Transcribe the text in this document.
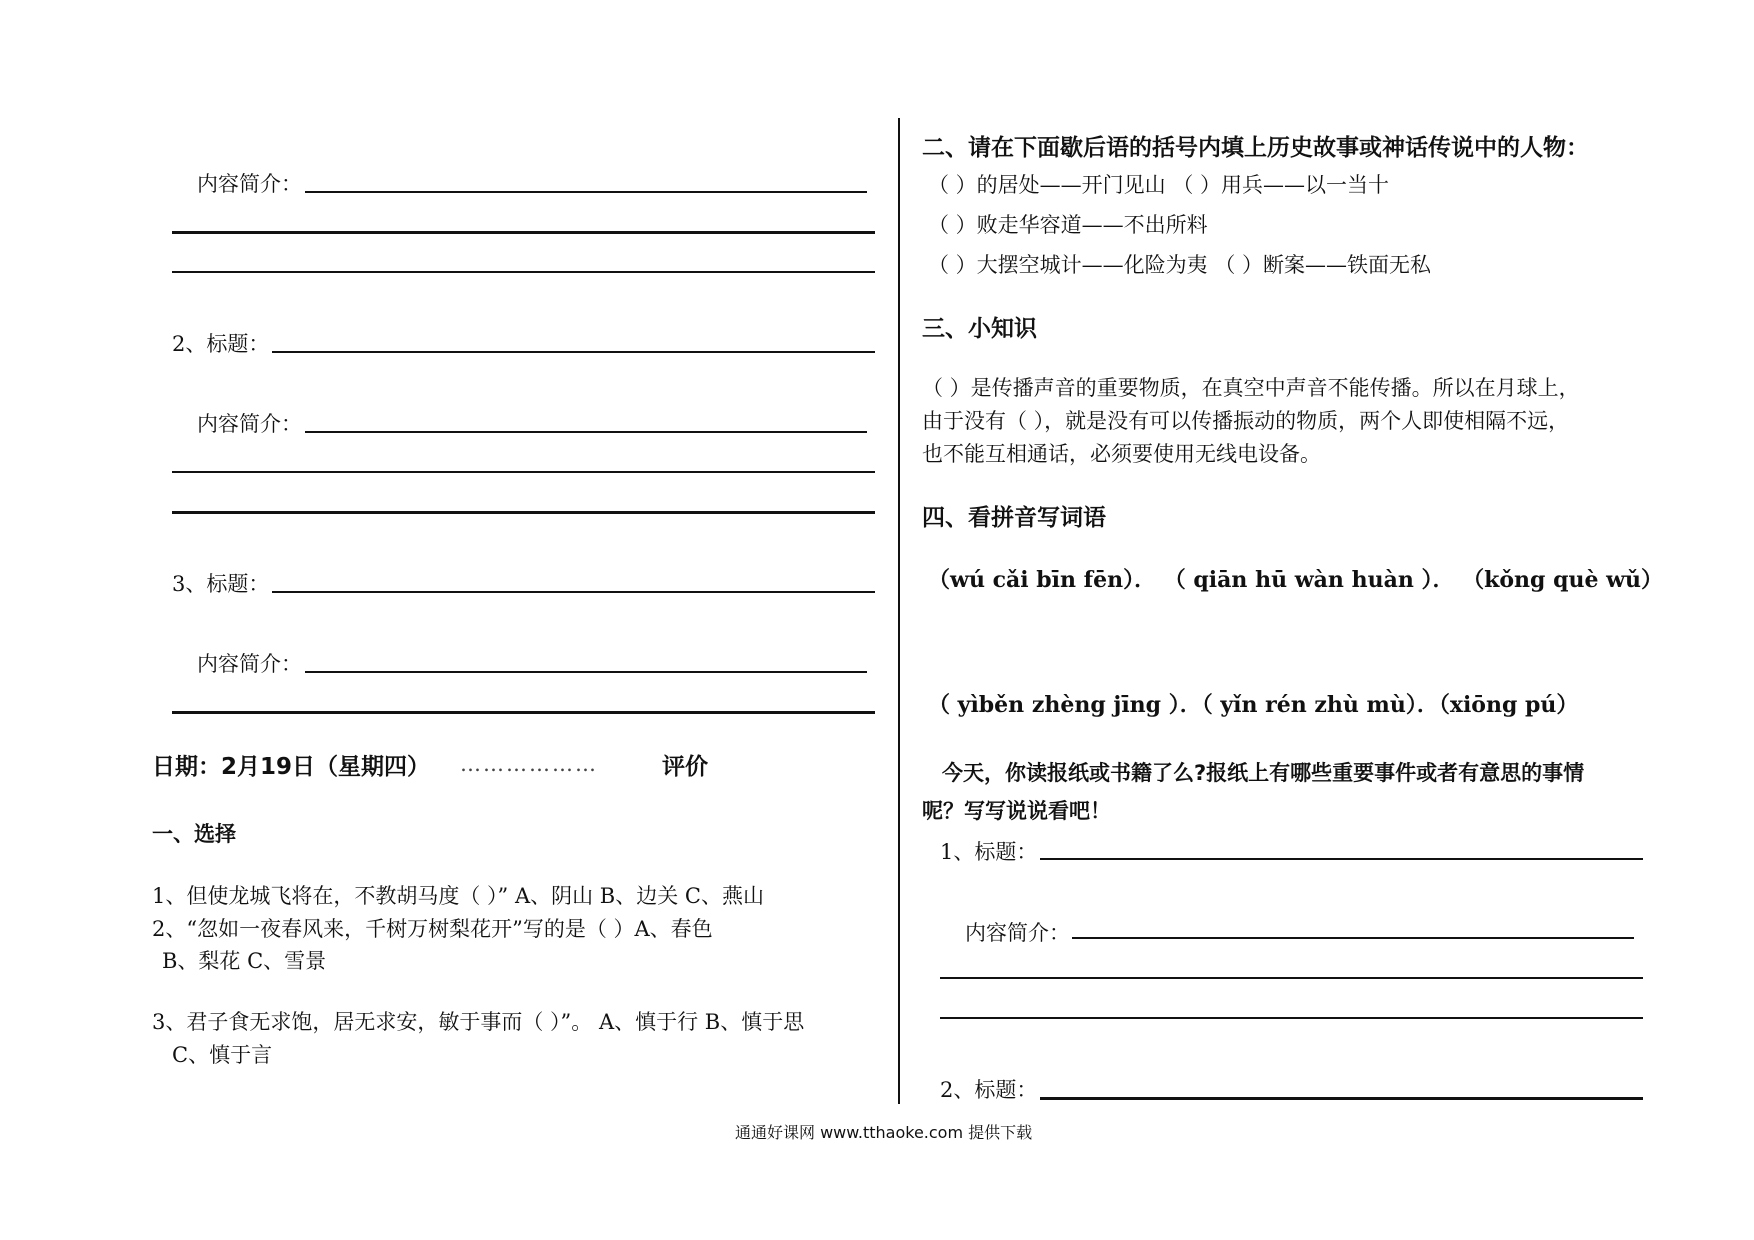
内容简介：
2、标题：
内容简介：
3、标题：
内容简介：
日期：2月19日（星期四） ………………	评价
一、选择
1、但使龙城飞将在，不教胡马度（ ）” A、阴山 B、边关 C、燕山
2、“忽如一夜春风来，千树万树梨花开”写的是（ ）A、春色
B、梨花 C、雪景
3、君子食无求饱，居无求安，敏于事而（ ）”。 A、慎于行 B、慎于思
C、慎于言
二、请在下面歇后语的括号内填上历史故事或神话传说中的人物：
（ ）的居处——开门见山 （ ）用兵——以一当十
（ ）败走华容道——不出所料
（ ）大摆空城计——化险为夷 （ ）断案——铁面无私
三、小知识
（ ）是传播声音的重要物质，在真空中声音不能传播。所以在月球上，
由于没有（ ），就是没有可以传播振动的物质，两个人即使相隔不远，
也不能互相通话，必须要使用无线电设备。
四、看拼音写词语
（wú cǎi bīn fēn）． （ qiān hū wàn huàn ）． （kǒng què wǔ）
（ yìběn zhèng jīng ）．（ yǐn rén zhù mù）．（xiōng pú）
今天，你读报纸或书籍了么?报纸上有哪些重要事件或者有意思的事情
呢？写写说说看吧！
1、标题：
内容简介：
2、标题：
通通好课网 www.tthaoke.com 提供下载
